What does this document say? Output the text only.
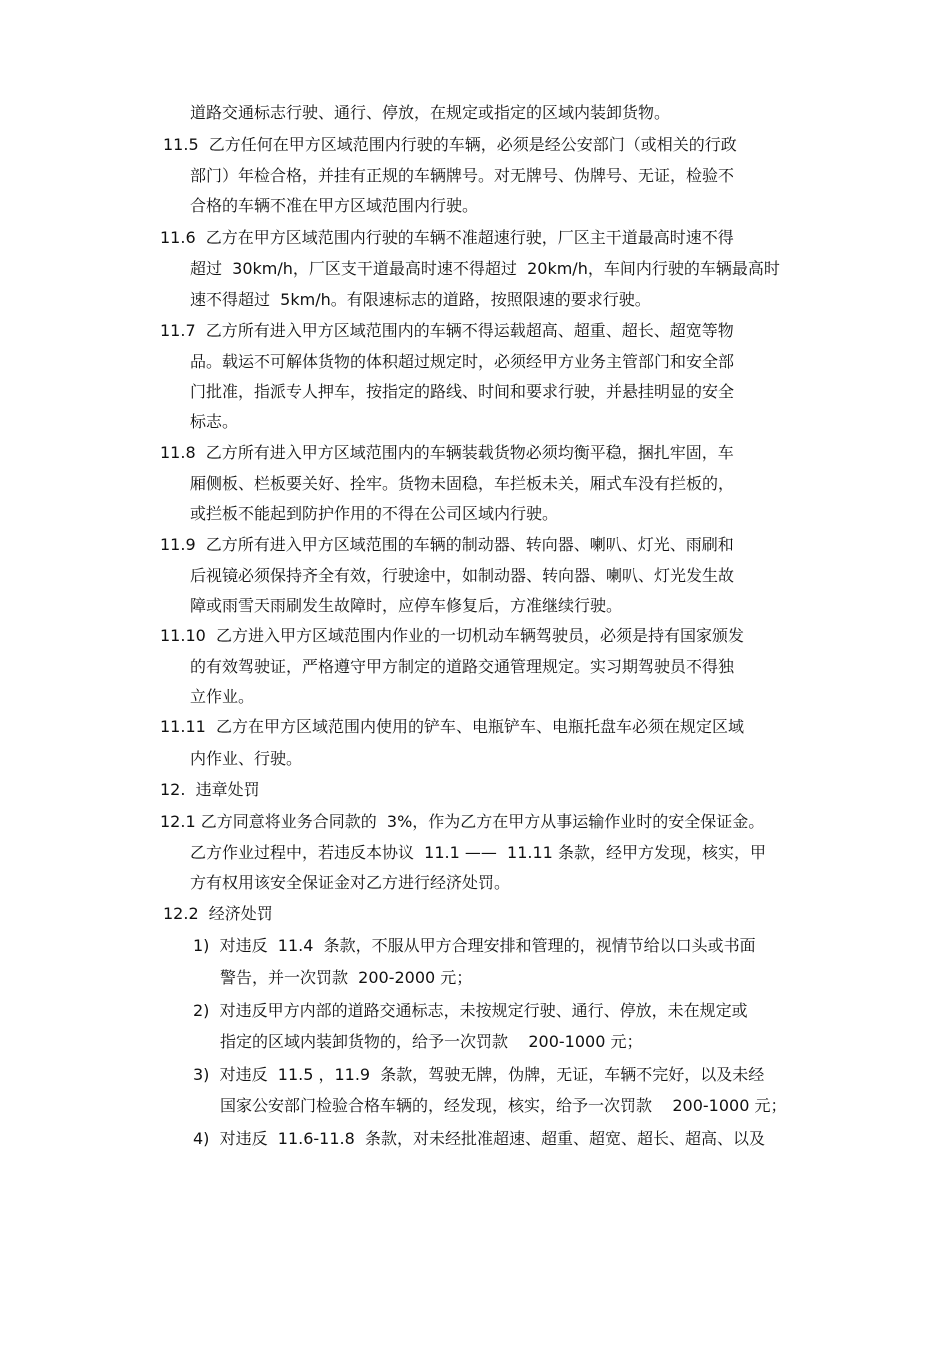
道路交通标志行驶、通行、停放，在规定或指定的区域内装卸货物。
11.5  乙方任何在甲方区域范围内行驶的车辆，必须是经公安部门（或相关的行政
部门）年检合格，并挂有正规的车辆牌号。对无牌号、伪牌号、无证，检验不
合格的车辆不准在甲方区域范围内行驶。
11.6  乙方在甲方区域范围内行驶的车辆不准超速行驶，厂区主干道最高时速不得
超过  30km/h，厂区支干道最高时速不得超过  20km/h，车间内行驶的车辆最高时
速不得超过  5km/h。有限速标志的道路，按照限速的要求行驶。
11.7  乙方所有进入甲方区域范围内的车辆不得运载超高、超重、超长、超宽等物
品。载运不可解体货物的体积超过规定时，必须经甲方业务主管部门和安全部
门批准，指派专人押车，按指定的路线、时间和要求行驶，并悬挂明显的安全
标志。
11.8  乙方所有进入甲方区域范围内的车辆装载货物必须均衡平稳，捆扎牢固，车
厢侧板、栏板要关好、拴牢。货物未固稳，车拦板未关，厢式车没有拦板的，
或拦板不能起到防护作用的不得在公司区域内行驶。
11.9  乙方所有进入甲方区域范围的车辆的制动器、转向器、喇叭、灯光、雨刷和
后视镜必须保持齐全有效，行驶途中，如制动器、转向器、喇叭、灯光发生故
障或雨雪天雨刷发生故障时，应停车修复后，方准继续行驶。
11.10  乙方进入甲方区域范围内作业的一切机动车辆驾驶员，必须是持有国家颁发
的有效驾驶证，严格遵守甲方制定的道路交通管理规定。实习期驾驶员不得独
立作业。
11.11  乙方在甲方区域范围内使用的铲车、电瓶铲车、电瓶托盘车必须在规定区域
内作业、行驶。
12.  违章处罚
12.1 乙方同意将业务合同款的  3%，作为乙方在甲方从事运输作业时的安全保证金。
乙方作业过程中，若违反本协议  11.1 ——  11.11 条款，经甲方发现，核实，甲
方有权用该安全保证金对乙方进行经济处罚。
12.2  经济处罚
1)  对违反  11.4  条款，不服从甲方合理安排和管理的，视情节给以口头或书面
警告，并一次罚款  200-2000 元；
2)  对违反甲方内部的道路交通标志，未按规定行驶、通行、停放，未在规定或
指定的区域内装卸货物的，给予一次罚款    200-1000 元；
3)  对违反  11.5 ，11.9  条款，驾驶无牌，伪牌，无证，车辆不完好，以及未经
国家公安部门检验合格车辆的，经发现，核实，给予一次罚款    200-1000 元；
4)  对违反  11.6-11.8  条款，对未经批准超速、超重、超宽、超长、超高、以及
